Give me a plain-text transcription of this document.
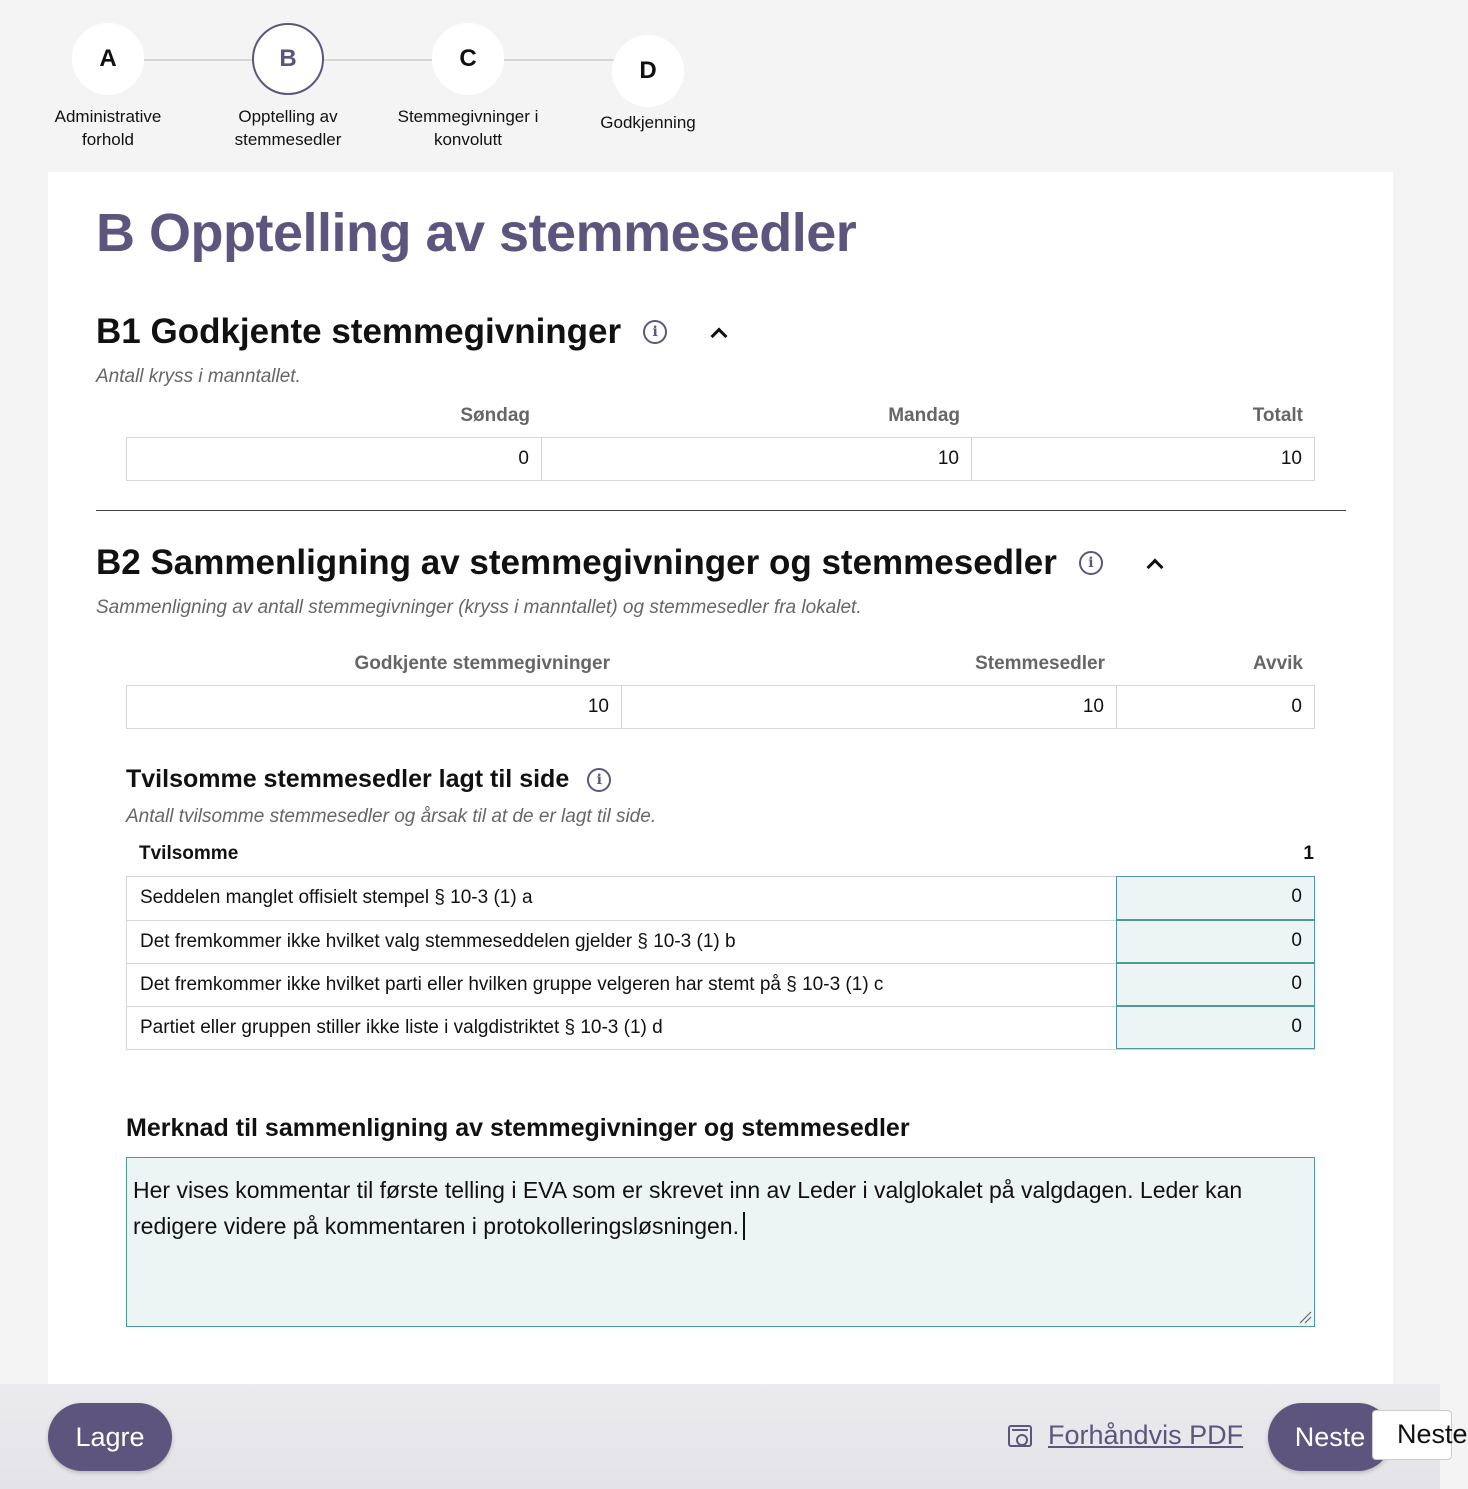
A
Administrative
forhold
B
Opptelling av
stemmesedler
C
Stemmegivninger i
konvolutt
D
Godkjenning
B Opptelling av stemmesedler
B1 Godkjente stemmegivninger	i
Antall kryss i manntallet.
Søndag	Mandag	Totalt
0	10	10
B2 Sammenligning av stemmegivninger og stemmesedler	i
Sammenligning av antall stemmegivninger (kryss i manntallet) og stemmesedler fra lokalet.
Godkjente stemmegivninger	Stemmesedler	Avvik
10	10	0
Tvilsomme stemmesedler lagt til side	i
Antall tvilsomme stemmesedler og årsak til at de er lagt til side.
Tvilsomme	1
Seddelen manglet offisielt stempel § 10-3 (1) a	0
Det fremkommer ikke hvilket valg stemmeseddelen gjelder § 10-3 (1) b	0
Det fremkommer ikke hvilket parti eller hvilken gruppe velgeren har stemt på § 10-3 (1) c	0
Partiet eller gruppen stiller ikke liste i valgdistriktet § 10-3 (1) d	0
Merknad til sammenligning av stemmegivninger og stemmesedler
Her vises kommentar til første telling i EVA som er skrevet inn av Leder i valglokalet på valgdagen. Leder kan redigere videre på kommentaren i protokolleringsløsningen.
Lagre	Forhåndvis PDF	Neste	Neste
